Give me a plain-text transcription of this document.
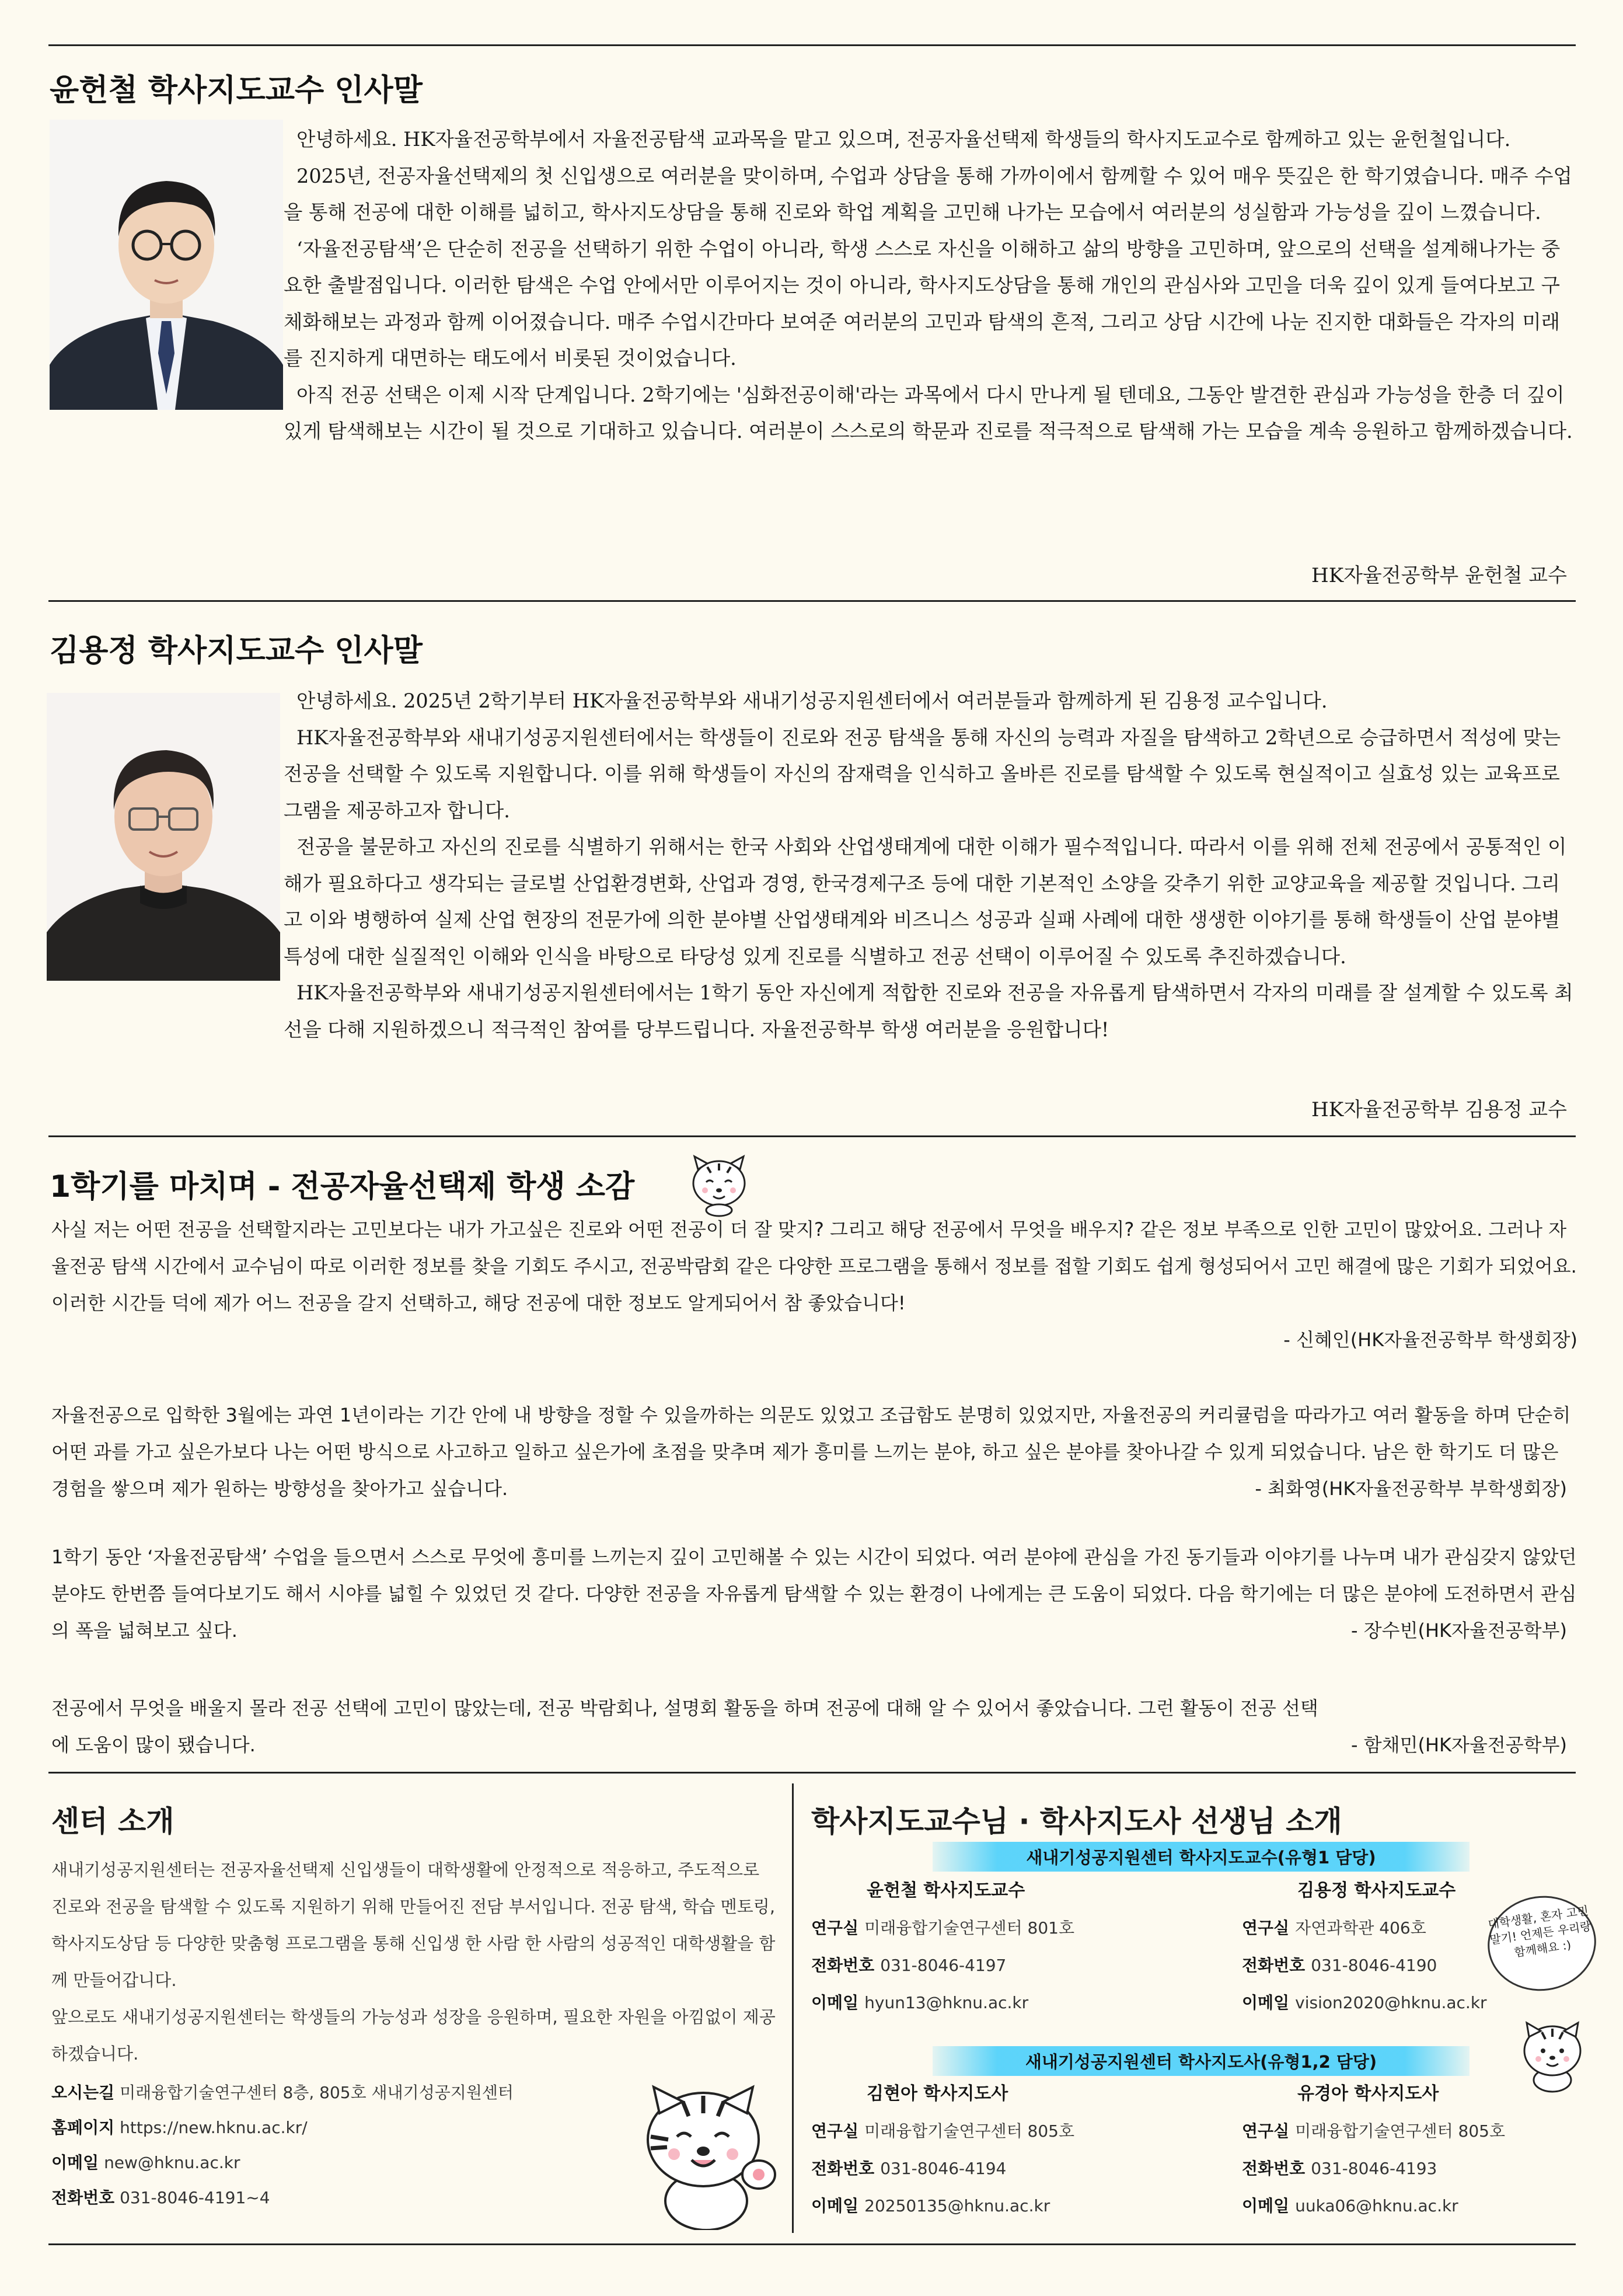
윤헌철 학사지도교수 인사말

안녕하세요. HK자율전공학부에서 자율전공탐색 교과목을 맡고 있으며, 전공자율선택제 학생들의 학사지도교수로 함께하고 있는 윤헌철입니다.

2025년, 전공자율선택제의 첫 신입생으로 여러분을 맞이하며, 수업과 상담을 통해 가까이에서 함께할 수 있어 매우 뜻깊은 한 학기였습니다. 매주 수업을 통해 전공에 대한 이해를 넓히고, 학사지도상담을 통해 진로와 학업 계획을 고민해 나가는 모습에서 여러분의 성실함과 가능성을 깊이 느꼈습니다.

‘자율전공탐색’은 단순히 전공을 선택하기 위한 수업이 아니라, 학생 스스로 자신을 이해하고 삶의 방향을 고민하며, 앞으로의 선택을 설계해나가는 중요한 출발점입니다. 이러한 탐색은 수업 안에서만 이루어지는 것이 아니라, 학사지도상담을 통해 개인의 관심사와 고민을 더욱 깊이 있게 들여다보고 구체화해보는 과정과 함께 이어졌습니다. 매주 수업시간마다 보여준 여러분의 고민과 탐색의 흔적, 그리고 상담 시간에 나눈 진지한 대화들은 각자의 미래를 진지하게 대면하는 태도에서 비롯된 것이었습니다.

아직 전공 선택은 이제 시작 단계입니다. 2학기에는 '심화전공이해'라는 과목에서 다시 만나게 될 텐데요, 그동안 발견한 관심과 가능성을 한층 더 깊이 있게 탐색해보는 시간이 될 것으로 기대하고 있습니다. 여러분이 스스로의 학문과 진로를 적극적으로 탐색해 가는 모습을 계속 응원하고 함께하겠습니다.

HK자율전공학부 윤헌철 교수
김용정 학사지도교수 인사말

안녕하세요. 2025년 2학기부터 HK자율전공학부와 새내기성공지원센터에서 여러분들과 함께하게 된 김용정 교수입니다.

HK자율전공학부와 새내기성공지원센터에서는 학생들이 진로와 전공 탐색을 통해 자신의 능력과 자질을 탐색하고 2학년으로 승급하면서 적성에 맞는 전공을 선택할 수 있도록 지원합니다. 이를 위해 학생들이 자신의 잠재력을 인식하고 올바른 진로를 탐색할 수 있도록 현실적이고 실효성 있는 교육프로그램을 제공하고자 합니다.

전공을 불문하고 자신의 진로를 식별하기 위해서는 한국 사회와 산업생태계에 대한 이해가 필수적입니다. 따라서 이를 위해 전체 전공에서 공통적인 이해가 필요하다고 생각되는 글로벌 산업환경변화, 산업과 경영, 한국경제구조 등에 대한 기본적인 소양을 갖추기 위한 교양교육을 제공할 것입니다. 그리고 이와 병행하여 실제 산업 현장의 전문가에 의한 분야별 산업생태계와 비즈니스 성공과 실패 사례에 대한 생생한 이야기를 통해 학생들이 산업 분야별 특성에 대한 실질적인 이해와 인식을 바탕으로 타당성 있게 진로를 식별하고 전공 선택이 이루어질 수 있도록 추진하겠습니다.

HK자율전공학부와 새내기성공지원센터에서는 1학기 동안 자신에게 적합한 진로와 전공을 자유롭게 탐색하면서 각자의 미래를 잘 설계할 수 있도록 최선을 다해 지원하겠으니 적극적인 참여를 당부드립니다. 자율전공학부 학생 여러분을 응원합니다!

HK자율전공학부 김용정 교수
1학기를 마치며 - 전공자율선택제 학생 소감
사실 저는 어떤 전공을 선택할지라는 고민보다는 내가 가고싶은 진로와 어떤 전공이 더 잘 맞지? 그리고 해당 전공에서 무엇을 배우지? 같은 정보 부족으로 인한 고민이 많았어요. 그러나 자율전공 탐색 시간에서 교수님이 따로 이러한 정보를 찾을 기회도 주시고, 전공박람회 같은 다양한 프로그램을 통해서 정보를 접할 기회도 쉽게 형성되어서 고민 해결에 많은 기회가 되었어요. 이러한 시간들 덕에 제가 어느 전공을 갈지 선택하고, 해당 전공에 대한 정보도 알게되어서 참 좋았습니다!
- 신혜인(HK자율전공학부 학생회장)
자율전공으로 입학한 3월에는 과연 1년이라는 기간 안에 내 방향을 정할 수 있을까하는 의문도 있었고 조급함도 분명히 있었지만, 자율전공의 커리큘럼을 따라가고 여러 활동을 하며 단순히 어떤 과를 가고 싶은가보다 나는 어떤 방식으로 사고하고 일하고 싶은가에 초점을 맞추며 제가 흥미를 느끼는 분야, 하고 싶은 분야를 찾아나갈 수 있게 되었습니다. 남은 한 학기도 더 많은 경험을 쌓으며 제가 원하는 방향성을 찾아가고 싶습니다.	- 최화영(HK자율전공학부 부학생회장)
1학기 동안 ‘자율전공탐색’ 수업을 들으면서 스스로 무엇에 흥미를 느끼는지 깊이 고민해볼 수 있는 시간이 되었다. 여러 분야에 관심을 가진 동기들과 이야기를 나누며 내가 관심갖지 않았던 분야도 한번쯤 들여다보기도 해서 시야를 넓힐 수 있었던 것 같다. 다양한 전공을 자유롭게 탐색할 수 있는 환경이 나에게는 큰 도움이 되었다. 다음 학기에는 더 많은 분야에 도전하면서 관심의 폭을 넓혀보고 싶다.	- 장수빈(HK자율전공학부)
전공에서 무엇을 배울지 몰라 전공 선택에 고민이 많았는데, 전공 박람회나, 설명회 활동을 하며 전공에 대해 알 수 있어서 좋았습니다. 그런 활동이 전공 선택에 도움이 많이 됐습니다.	- 함채민(HK자율전공학부)
센터 소개
새내기성공지원센터는 전공자율선택제 신입생들이 대학생활에 안정적으로 적응하고, 주도적으로 진로와 전공을 탐색할 수 있도록 지원하기 위해 만들어진 전담 부서입니다. 전공 탐색, 학습 멘토링, 학사지도상담 등 다양한 맞춤형 프로그램을 통해 신입생 한 사람 한 사람의 성공적인 대학생활을 함께 만들어갑니다.
앞으로도 새내기성공지원센터는 학생들의 가능성과 성장을 응원하며, 필요한 자원을 아낌없이 제공하겠습니다.
오시는길 미래융합기술연구센터 8층, 805호 새내기성공지원센터
홈페이지 https://new.hknu.ac.kr/
이메일 new@hknu.ac.kr
전화번호 031-8046-4191~4
학사지도교수님 · 학사지도사 선생님 소개
새내기성공지원센터 학사지도교수(유형1 담당)
윤헌철 학사지도교수
연구실 미래융합기술연구센터 801호
전화번호 031-8046-4197
이메일 hyun13@hknu.ac.kr
김용정 학사지도교수
연구실 자연과학관 406호
전화번호 031-8046-4190
이메일 vision2020@hknu.ac.kr
대학생활, 혼자 고민 말기! 언제든 우리랑 함께해요 :)
새내기성공지원센터 학사지도사(유형1,2 담당)
김현아 학사지도사
연구실 미래융합기술연구센터 805호
전화번호 031-8046-4194
이메일 20250135@hknu.ac.kr
유경아 학사지도사
연구실 미래융합기술연구센터 805호
전화번호 031-8046-4193
이메일 uuka06@hknu.ac.kr
